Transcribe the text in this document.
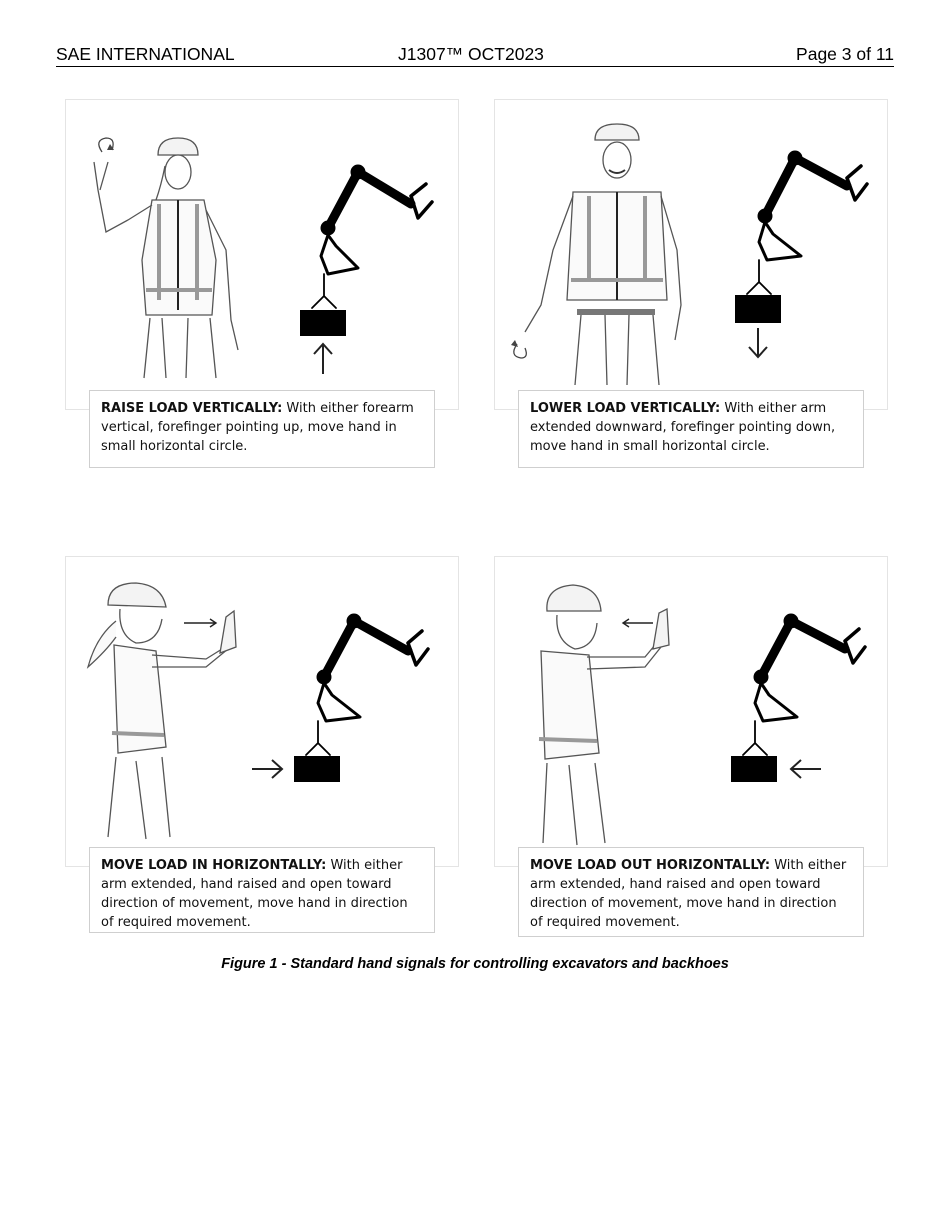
SAE INTERNATIONAL	J1307™ OCT2023	Page 3 of 11
RAISE LOAD VERTICALLY: With either forearm vertical, forefinger pointing up, move hand in small horizontal circle.
LOWER LOAD VERTICALLY: With either arm extended downward, forefinger pointing down, move hand in small horizontal circle.
MOVE LOAD IN HORIZONTALLY: With either arm extended, hand raised and open toward direction of movement, move hand in direction of required movement.
MOVE LOAD OUT HORIZONTALLY: With either arm extended, hand raised and open toward direction of movement, move hand in direction of required movement.
Figure 1 - Standard hand signals for controlling excavators and backhoes
